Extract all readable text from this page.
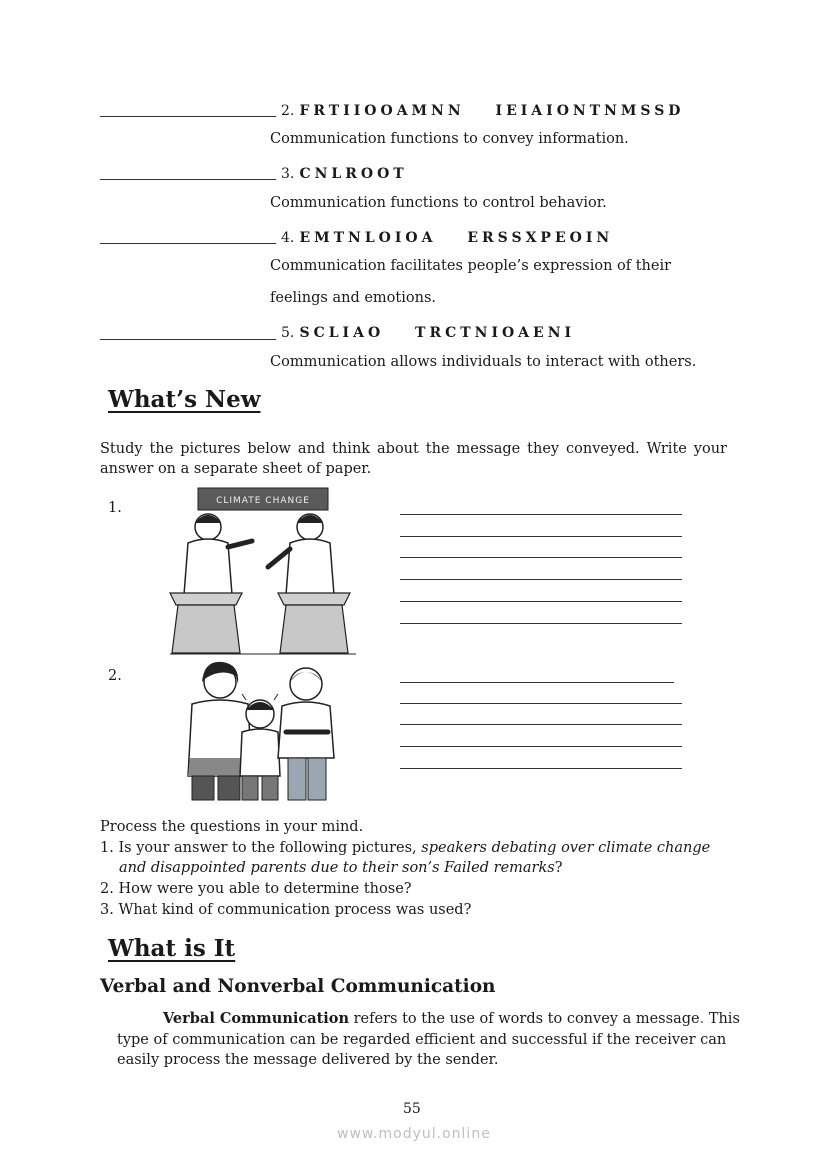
2. FRTIIOOAMNN IEIAIONTNMSSD
Communication functions to convey information.
3. CNLROOT
Communication functions to control behavior.
4. EMTNLOIOA ERSSXPEOIN
Communication facilitates people’s expression of their
feelings and emotions.
5. SCLIAO TRCTNIOAENI
Communication allows individuals to interact with others.
What’s New
Study the pictures below and think about the message they conveyed. Write your answer on a separate sheet of paper.
1.	CLIMATE CHANGE
2.
Process the questions in your mind.
1. Is your answer to the following pictures, speakers debating over climate change
and disappointed parents due to their son’s Failed remarks?
2. How were you able to determine those?
3. What kind of communication process was used?
What is It
Verbal and Nonverbal Communication
Verbal Communication refers to the use of words to convey a message. This
type of communication can be regarded efficient and successful if the receiver can
easily process the message delivered by the sender.
55
www.modyul.online
